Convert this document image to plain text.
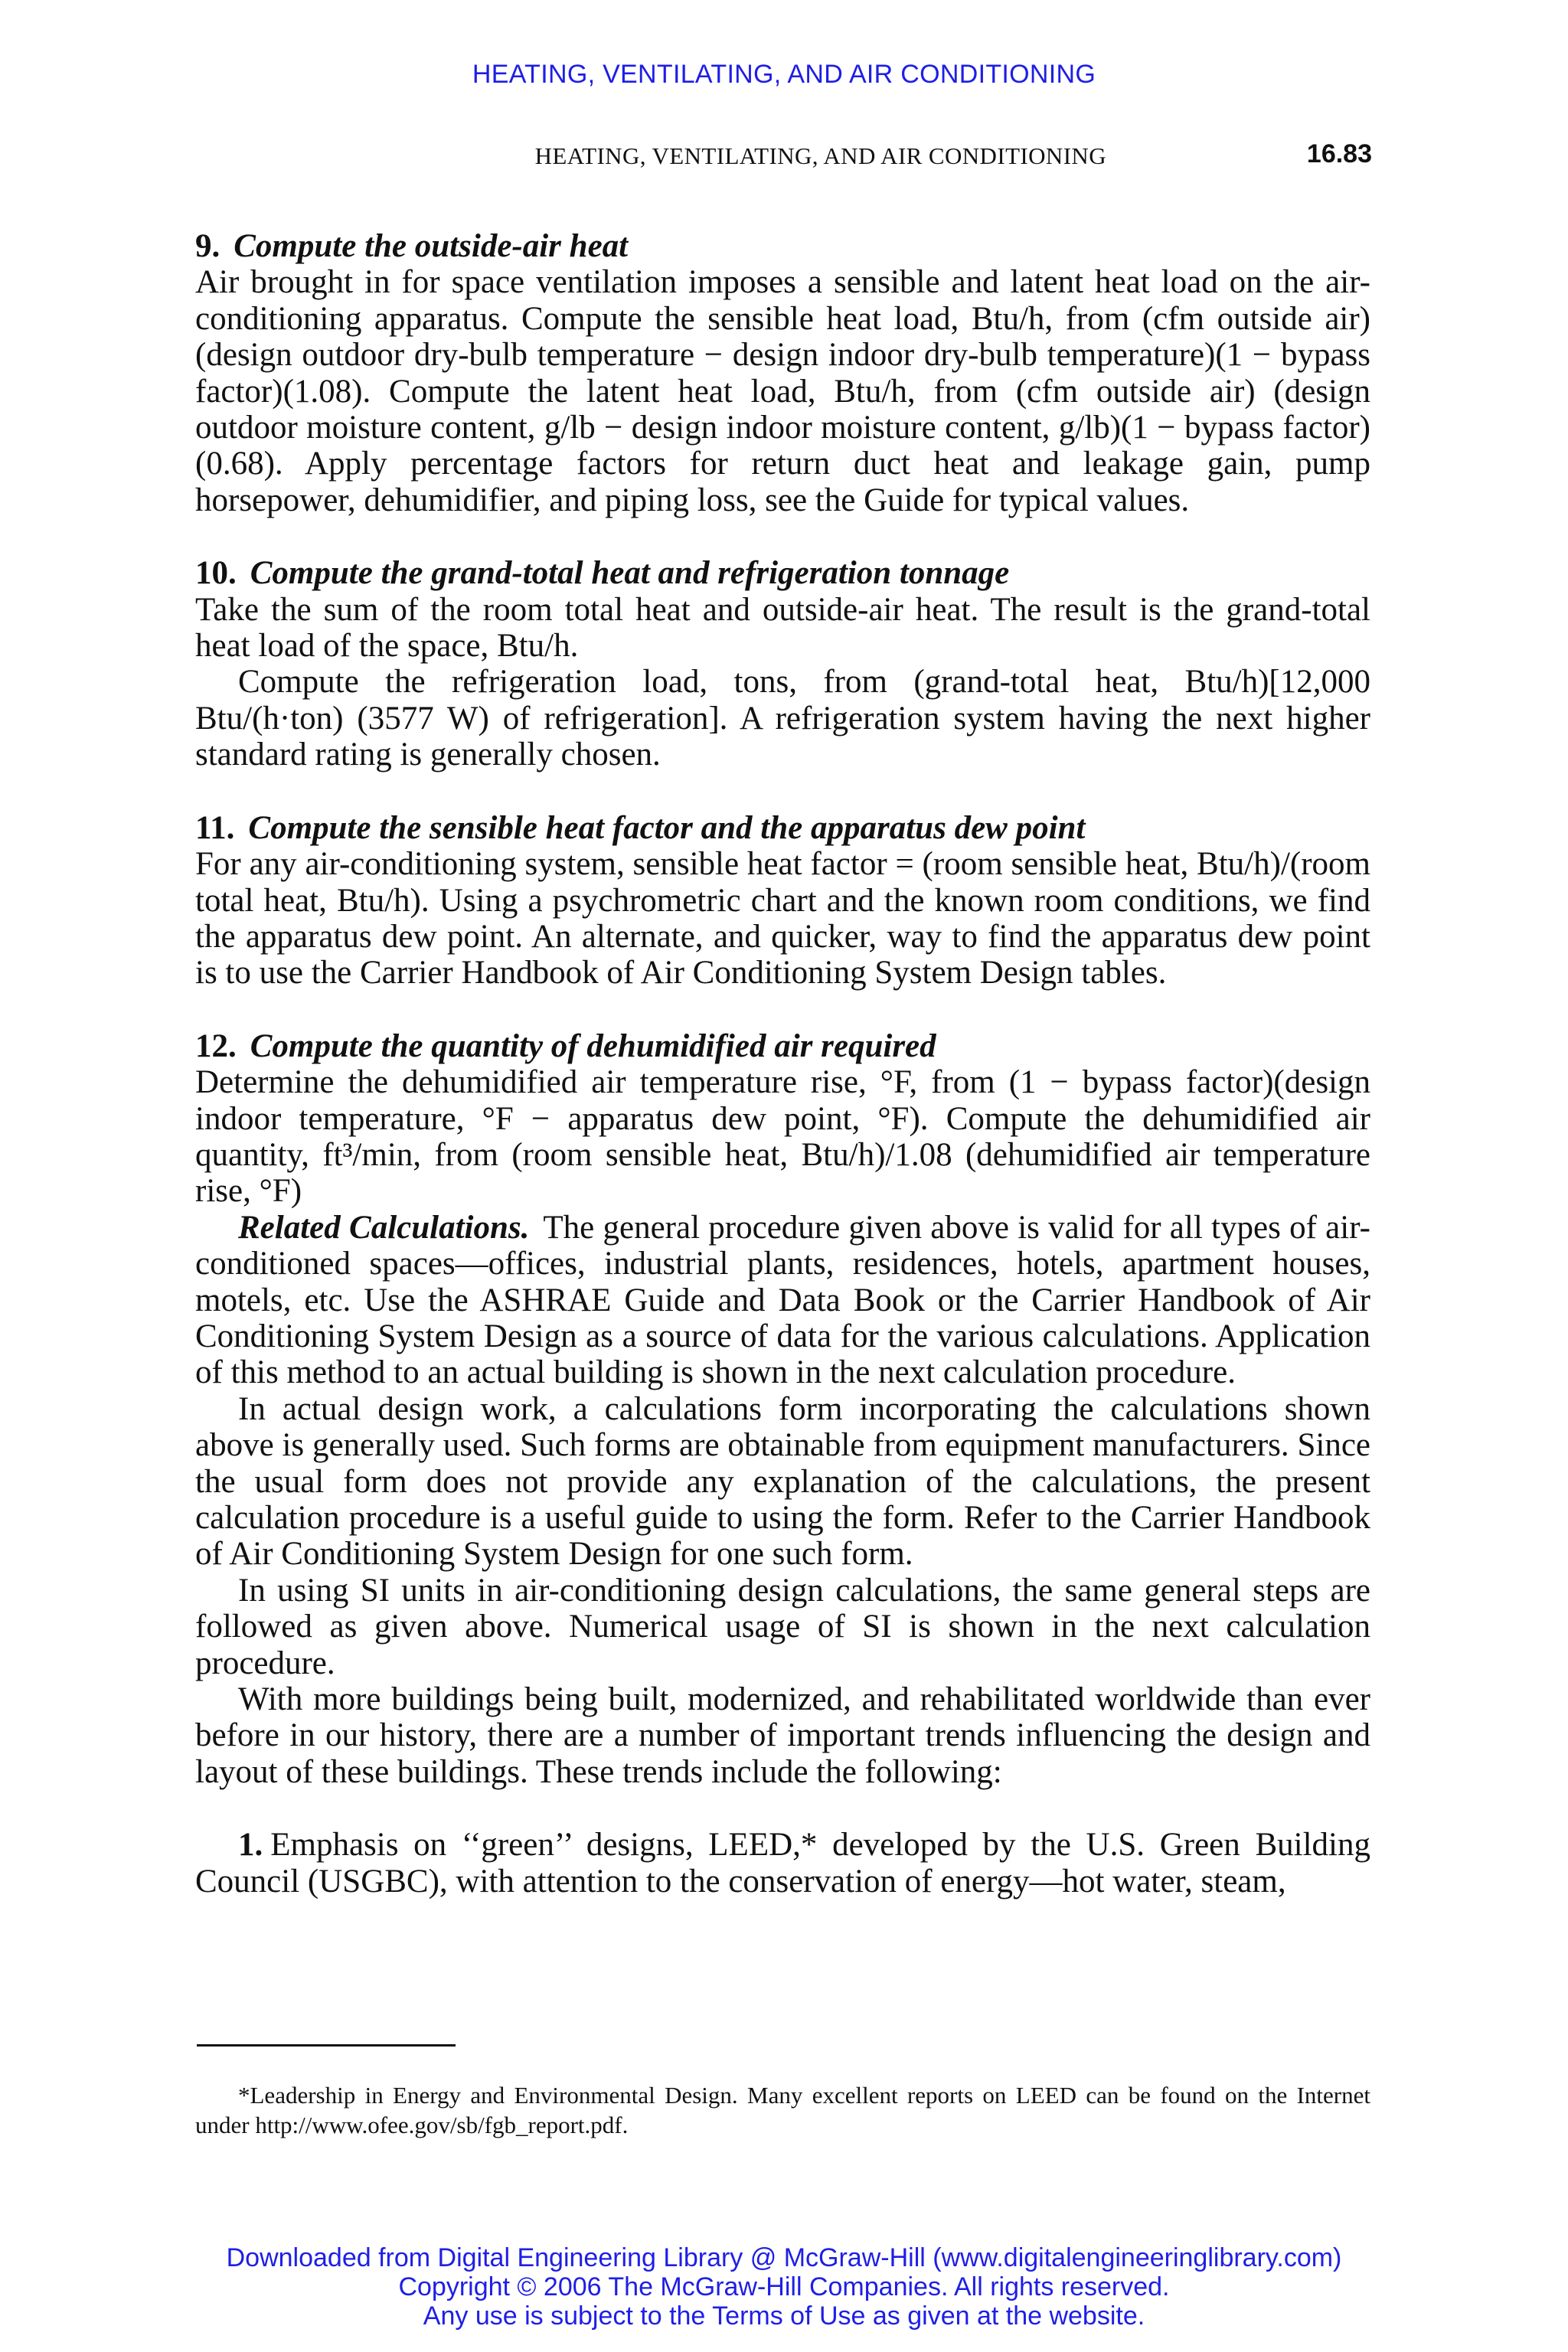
HEATING, VENTILATING, AND AIR CONDITIONING
HEATING, VENTILATING, AND AIR CONDITIONING	16.83

9. Compute the outside-air heat

Air brought in for space ventilation imposes a sensible and latent heat load on the air-conditioning apparatus. Compute the sensible heat load, Btu/h, from (cfm outside air)(design outdoor dry-bulb temperature − design indoor dry-bulb temperature)(1 − bypass factor)(1.08). Compute the latent heat load, Btu/h, from (cfm outside air) (design outdoor moisture content, g/lb − design indoor moisture content, g/lb)(1 − bypass factor)(0.68). Apply percentage factors for return duct heat and leakage gain, pump horsepower, dehumidifier, and piping loss, see the Guide for typical values.

10. Compute the grand-total heat and refrigeration tonnage

Take the sum of the room total heat and outside-air heat. The result is the grand-total heat load of the space, Btu/h.

Compute the refrigeration load, tons, from (grand-total heat, Btu/h)[12,000 Btu/(h·ton) (3577 W) of refrigeration]. A refrigeration system having the next higher standard rating is generally chosen.

11. Compute the sensible heat factor and the apparatus dew point

For any air-conditioning system, sensible heat factor = (room sensible heat, Btu/h)/(room total heat, Btu/h). Using a psychrometric chart and the known room conditions, we find the apparatus dew point. An alternate, and quicker, way to find the apparatus dew point is to use the Carrier Handbook of Air Conditioning System Design tables.

12. Compute the quantity of dehumidified air required

Determine the dehumidified air temperature rise, °F, from (1 − bypass factor)(design indoor temperature, °F − apparatus dew point, °F). Compute the dehumidified air quantity, ft³/min, from (room sensible heat, Btu/h)/1.08 (dehumidified air temperature rise, °F)

Related Calculations. The general procedure given above is valid for all types of air-conditioned spaces—offices, industrial plants, residences, hotels, apartment houses, motels, etc. Use the ASHRAE Guide and Data Book or the Carrier Handbook of Air Conditioning System Design as a source of data for the various calculations. Application of this method to an actual building is shown in the next calculation procedure.

In actual design work, a calculations form incorporating the calculations shown above is generally used. Such forms are obtainable from equipment manufacturers. Since the usual form does not provide any explanation of the calculations, the present calculation procedure is a useful guide to using the form. Refer to the Carrier Handbook of Air Conditioning System Design for one such form.

In using SI units in air-conditioning design calculations, the same general steps are followed as given above. Numerical usage of SI is shown in the next calculation procedure.

With more buildings being built, modernized, and rehabilitated worldwide than ever before in our history, there are a number of important trends influencing the design and layout of these buildings. These trends include the following:

1. Emphasis on ‘‘green’’ designs, LEED,* developed by the U.S. Green Building Council (USGBC), with attention to the conservation of energy—hot water, steam,

*Leadership in Energy and Environmental Design. Many excellent reports on LEED can be found on the Internet under http://www.ofee.gov/sb/fgb_report.pdf.

Downloaded from Digital Engineering Library @ McGraw-Hill (www.digitalengineeringlibrary.com)
Copyright © 2006 The McGraw-Hill Companies. All rights reserved.
Any use is subject to the Terms of Use as given at the website.
